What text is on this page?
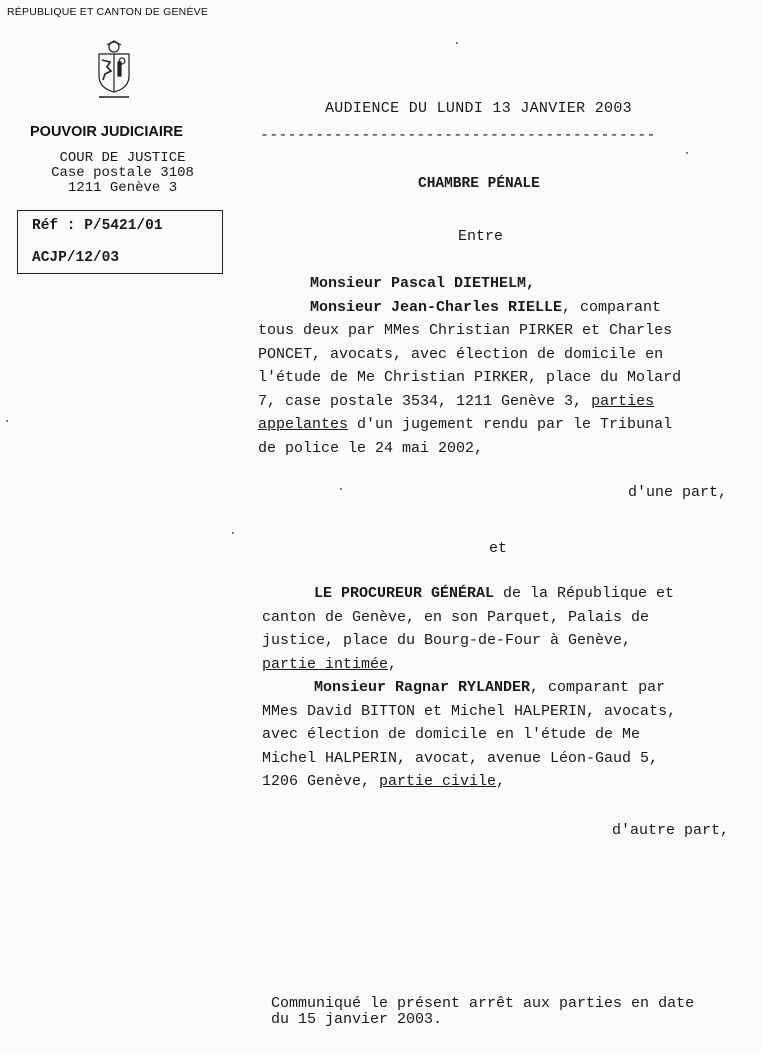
RÉPUBLIQUE ET CANTON DE GENÈVE
POUVOIR JUDICIAIRE
COUR DE JUSTICE
Case postale 3108
1211 Genève 3
Réf : P/5421/01
ACJP/12/03
AUDIENCE DU LUNDI 13 JANVIER 2003
-------------------------------------------
CHAMBRE PÉNALE
Entre
Monsieur Pascal DIETHELM,
Monsieur Jean-Charles RIELLE, comparant
tous deux par MMes Christian PIRKER et Charles
PONCET, avocats, avec élection de domicile en
l'étude de Me Christian PIRKER, place du Molard
7, case postale 3534, 1211 Genève 3, parties
appelantes d'un jugement rendu par le Tribunal
de police le 24 mai 2002,
d'une part,
et
LE PROCUREUR GÉNÉRAL de la République et
canton de Genève, en son Parquet, Palais de
justice, place du Bourg-de-Four à Genève,
partie intimée,
Monsieur Ragnar RYLANDER, comparant par
MMes David BITTON et Michel HALPERIN, avocats,
avec élection de domicile en l'étude de Me
Michel HALPERIN, avocat, avenue Léon-Gaud 5,
1206 Genève, partie civile,
d'autre part,
Communiqué le présent arrêt aux parties en date
du 15 janvier 2003.
